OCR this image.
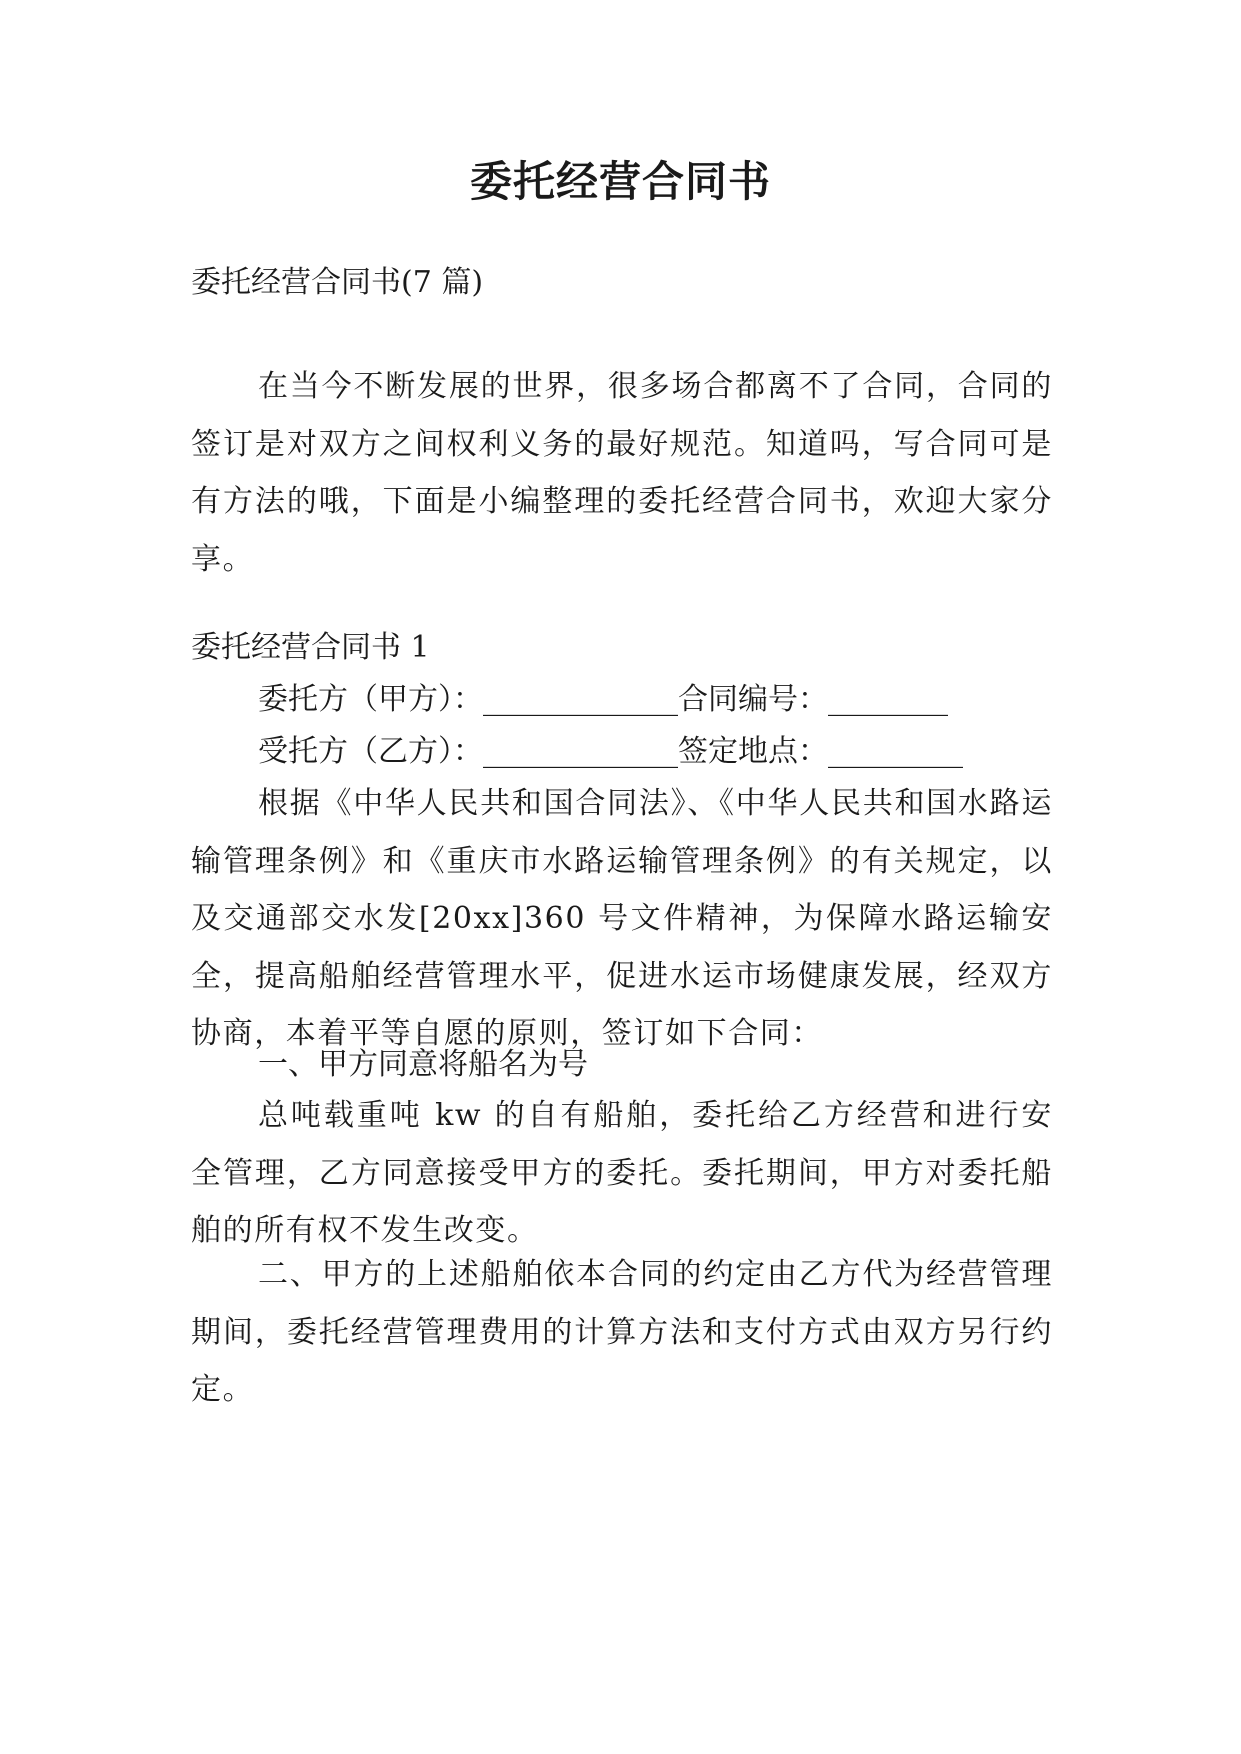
委托经营合同书
委托经营合同书(7 篇)
在当今不断发展的世界，很多场合都离不了合同，合同的签订是对双方之间权利义务的最好规范。知道吗，写合同可是有方法的哦，下面是小编整理的委托经营合同书，欢迎大家分享。
委托经营合同书 1
委托方（甲方）：_____________合同编号：________
受托方（乙方）：_____________签定地点：_________
根据《中华人民共和国合同法》、《中华人民共和国水路运输管理条例》和《重庆市水路运输管理条例》的有关规定，以及交通部交水发[20xx]360 号文件精神，为保障水路运输安全，提高船舶经营管理水平，促进水运市场健康发展，经双方协商，本着平等自愿的原则，签订如下合同：
一、甲方同意将船名为号
总吨载重吨 kw 的自有船舶，委托给乙方经营和进行安全管理，乙方同意接受甲方的委托。委托期间，甲方对委托船舶的所有权不发生改变。
二、甲方的上述船舶依本合同的约定由乙方代为经营管理期间，委托经营管理费用的计算方法和支付方式由双方另行约定。
